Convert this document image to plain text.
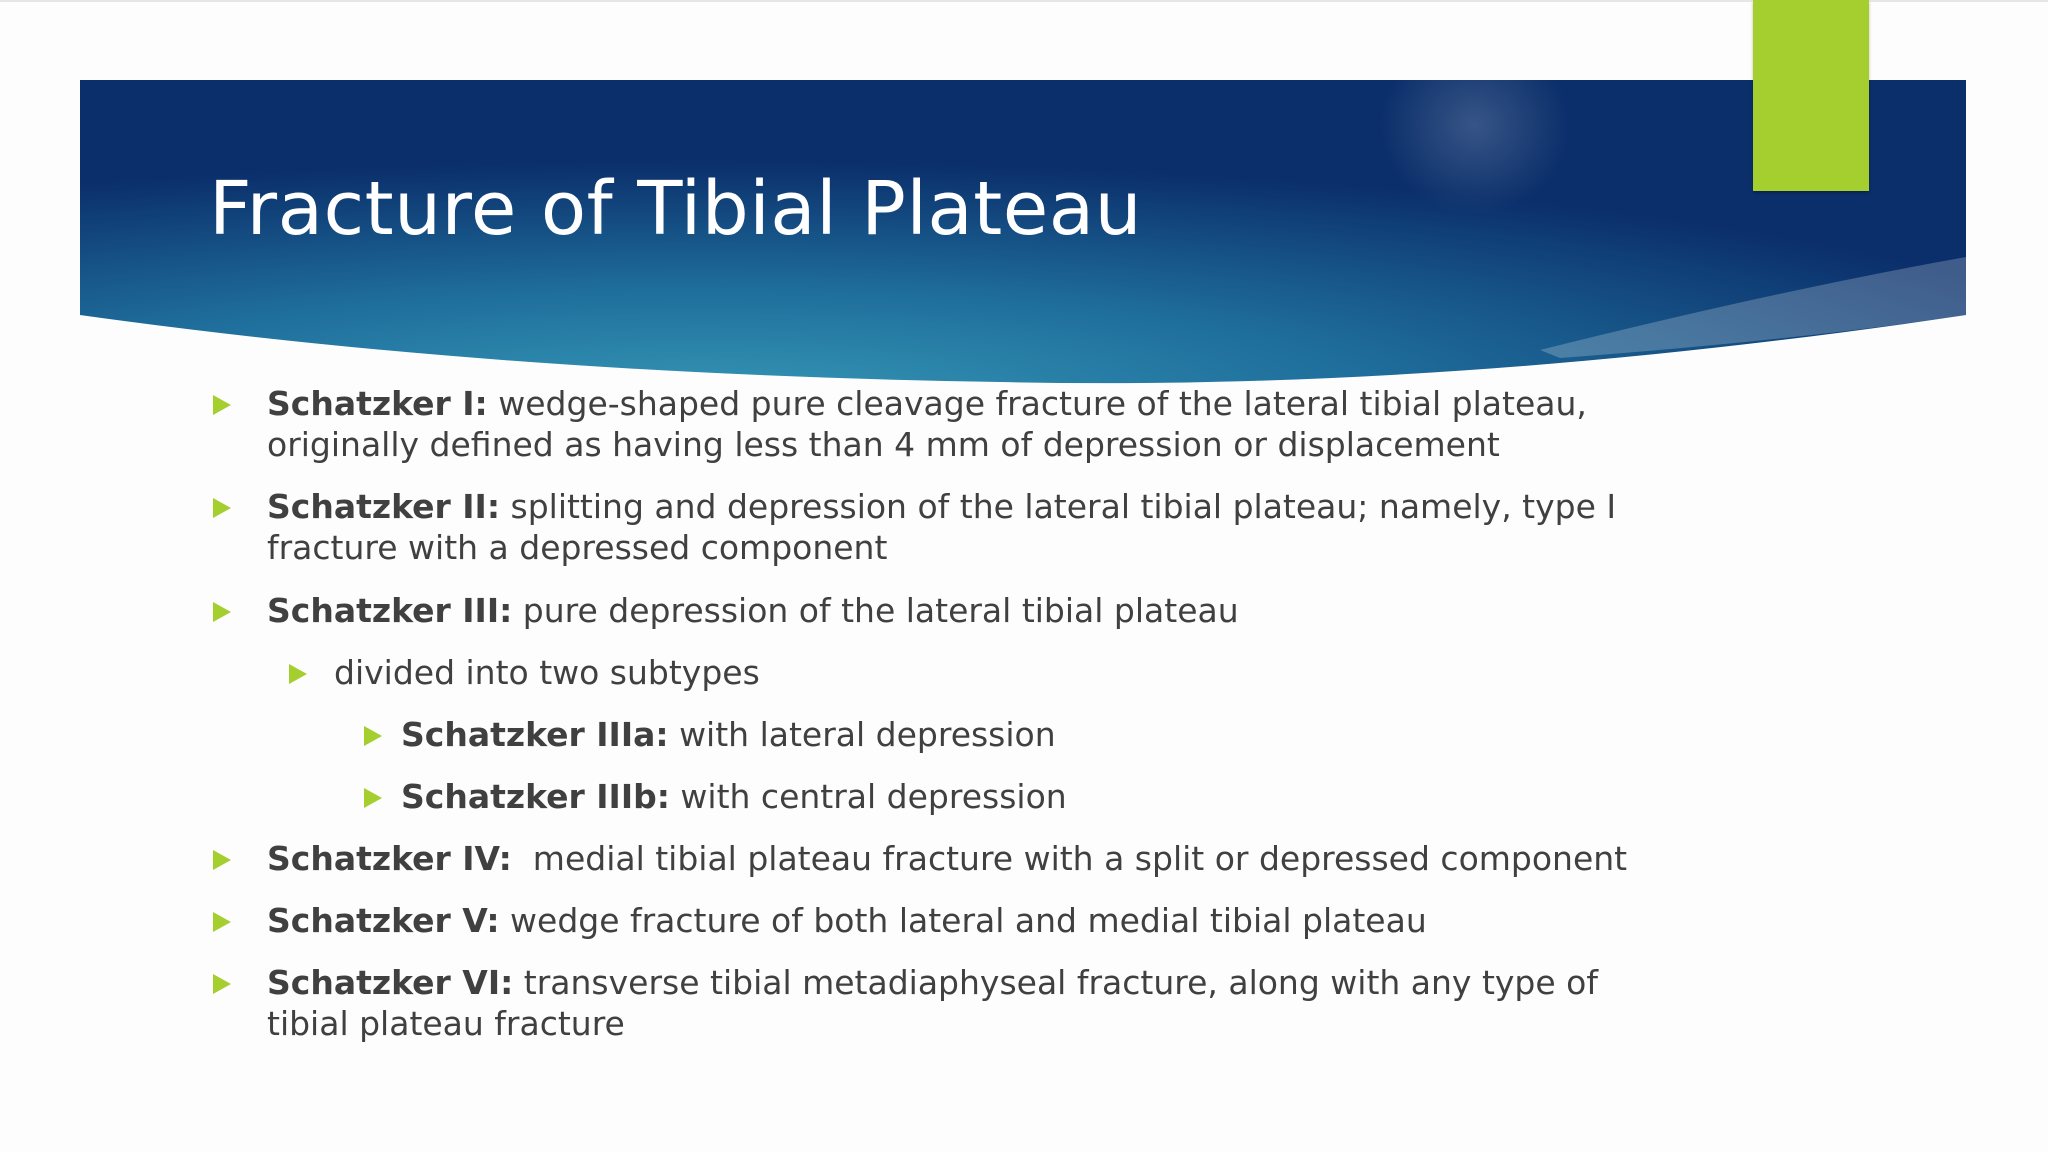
Fracture of Tibial Plateau
Schatzker I: wedge-shaped pure cleavage fracture of the lateral tibial plateau, originally defined as having less than 4 mm of depression or displacement
Schatzker II: splitting and depression of the lateral tibial plateau; namely, type I fracture with a depressed component
Schatzker III: pure depression of the lateral tibial plateau
divided into two subtypes
Schatzker IIIa: with lateral depression
Schatzker IIIb: with central depression
Schatzker IV:  medial tibial plateau fracture with a split or depressed component
Schatzker V: wedge fracture of both lateral and medial tibial plateau
Schatzker VI: transverse tibial metadiaphyseal fracture, along with any type of tibial plateau fracture
